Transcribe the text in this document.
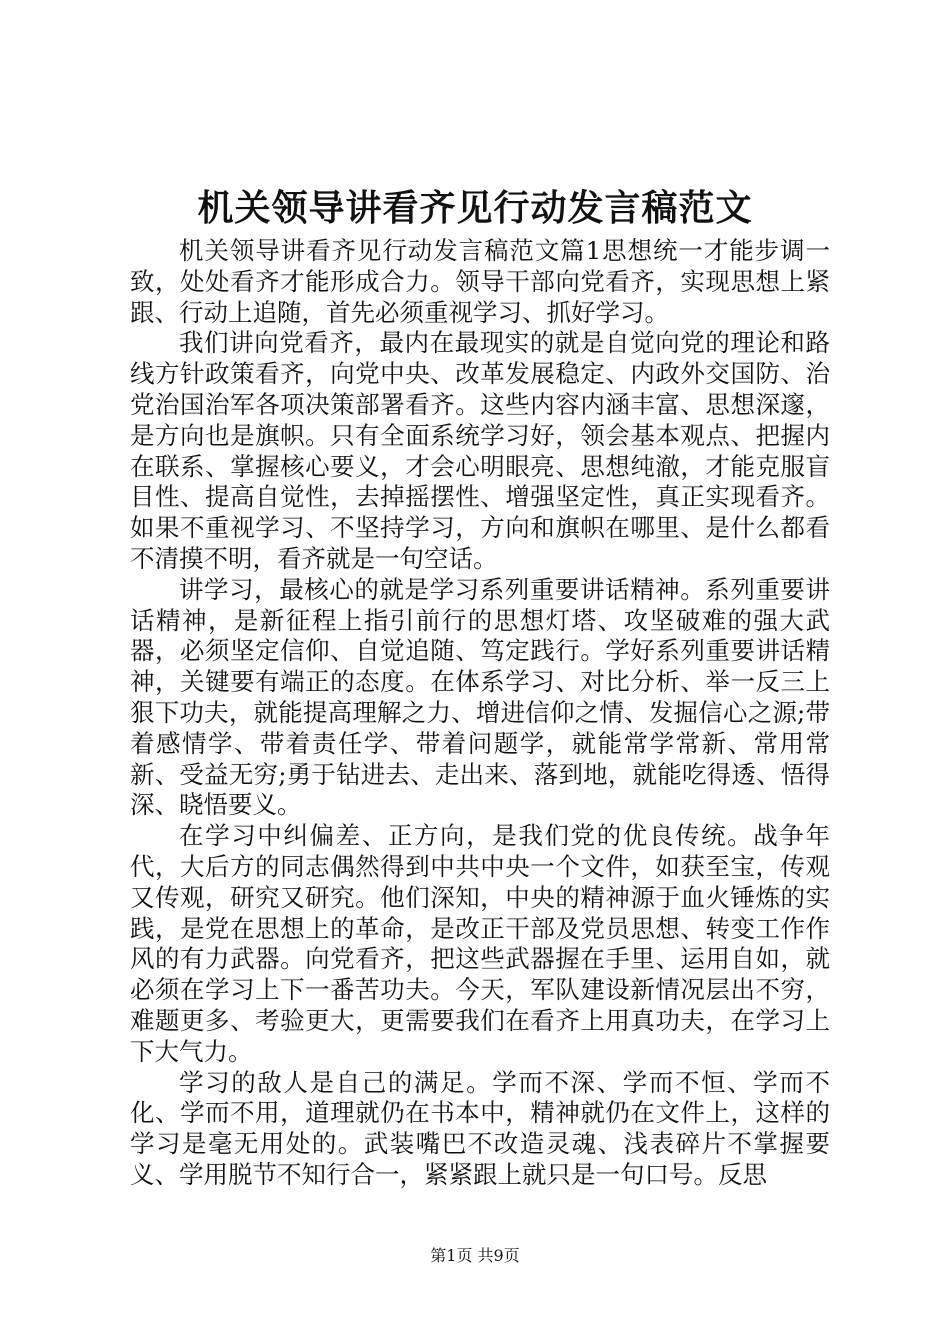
机关领导讲看齐见行动发言稿范文

机关领导讲看齐见行动发言稿范文篇1思想统一才能步调一致，处处看齐才能形成合力。领导干部向党看齐，实现思想上紧跟、行动上追随，首先必须重视学习、抓好学习。

我们讲向党看齐，最内在最现实的就是自觉向党的理论和路线方针政策看齐，向党中央、改革发展稳定、内政外交国防、治党治国治军各项决策部署看齐。这些内容内涵丰富、思想深邃，是方向也是旗帜。只有全面系统学习好，领会基本观点、把握内在联系、掌握核心要义，才会心明眼亮、思想纯澈，才能克服盲目性、提高自觉性，去掉摇摆性、增强坚定性，真正实现看齐。如果不重视学习、不坚持学习，方向和旗帜在哪里、是什么都看不清摸不明，看齐就是一句空话。

讲学习，最核心的就是学习系列重要讲话精神。系列重要讲话精神，是新征程上指引前行的思想灯塔、攻坚破难的强大武器，必须坚定信仰、自觉追随、笃定践行。学好系列重要讲话精神，关键要有端正的态度。在体系学习、对比分析、举一反三上狠下功夫，就能提高理解之力、增进信仰之情、发掘信心之源;带着感情学、带着责任学、带着问题学，就能常学常新、常用常新、受益无穷;勇于钻进去、走出来、落到地，就能吃得透、悟得深、晓悟要义。

在学习中纠偏差、正方向，是我们党的优良传统。战争年代，大后方的同志偶然得到中共中央一个文件，如获至宝，传观又传观，研究又研究。他们深知，中央的精神源于血火锤炼的实践，是党在思想上的革命，是改正干部及党员思想、转变工作作风的有力武器。向党看齐，把这些武器握在手里、运用自如，就必须在学习上下一番苦功夫。今天，军队建设新情况层出不穷，难题更多、考验更大，更需要我们在看齐上用真功夫，在学习上下大气力。

学习的敌人是自己的满足。学而不深、学而不恒、学而不化、学而不用，道理就仍在书本中，精神就仍在文件上，这样的学习是毫无用处的。武装嘴巴不改造灵魂、浅表碎片不掌握要义、学用脱节不知行合一，紧紧跟上就只是一句口号。反思

第1页 共9页
